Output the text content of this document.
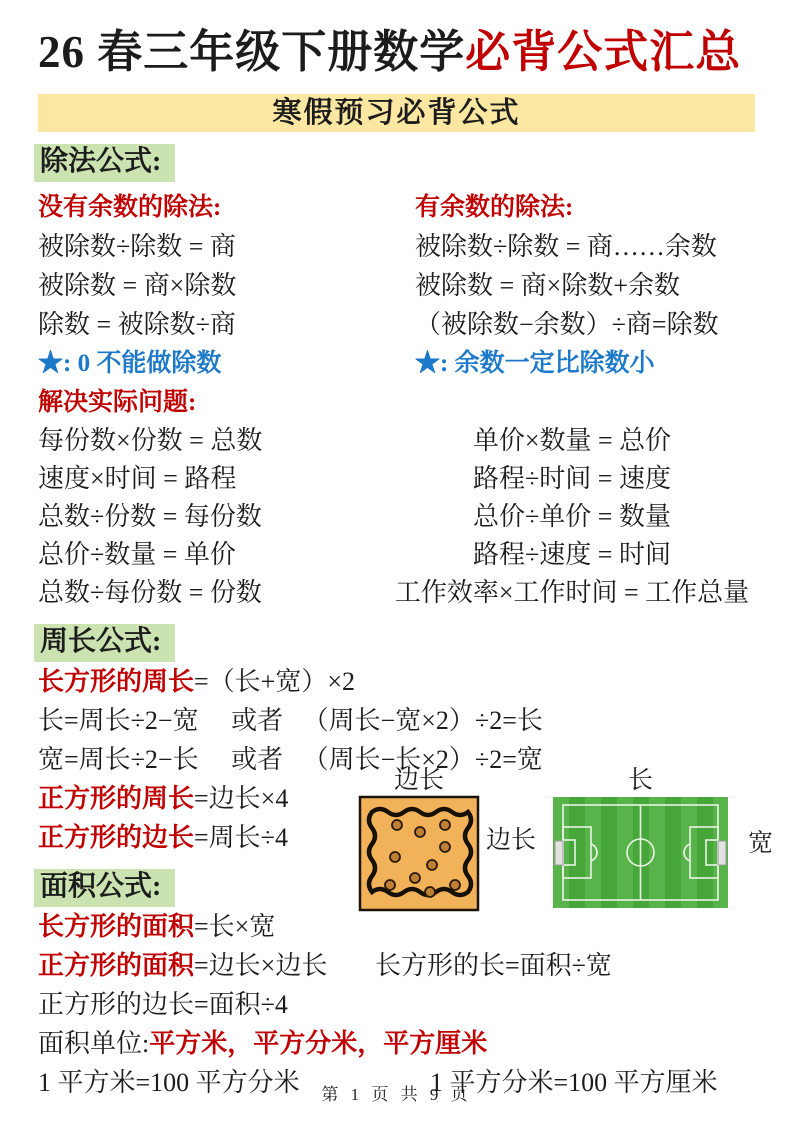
26 春三年级下册数学必背公式汇总
寒假预习必背公式
除法公式:
没有余数的除法:
被除数÷除数 = 商
被除数 = 商×除数
除数 = 被除数÷商
★: 0 不能做除数
有余数的除法:
被除数÷除数 = 商……余数
被除数 = 商×除数+余数
（被除数−余数）÷商=除数
★: 余数一定比除数小
解决实际问题:
每份数×份数 = 总数	单价×数量 = 总价
速度×时间 = 路程	路程÷时间 = 速度
总数÷份数 = 每份数	总价÷单价 = 数量
总价÷数量 = 单价	路程÷速度 = 时间
总数÷每份数 = 份数	工作效率×工作时间 = 工作总量
周长公式:
长方形的周长=（长+宽）×2
长=周长÷2−宽　 或者 　（周长−宽×2）÷2=长
宽=周长÷2−长　 或者 　（周长−长×2）÷2=宽
正方形的周长=边长×4
正方形的边长=周长÷4
面积公式:
长方形的面积=长×宽
正方形的面积=边长×边长 长方形的长=面积÷宽
正方形的边长=面积÷4
面积单位:平方米，平方分米，平方厘米
1 平方米=100 平方分米	1 平方分米=100 平方厘米
边长
边长
长
宽
第 1 页 共 9 页
